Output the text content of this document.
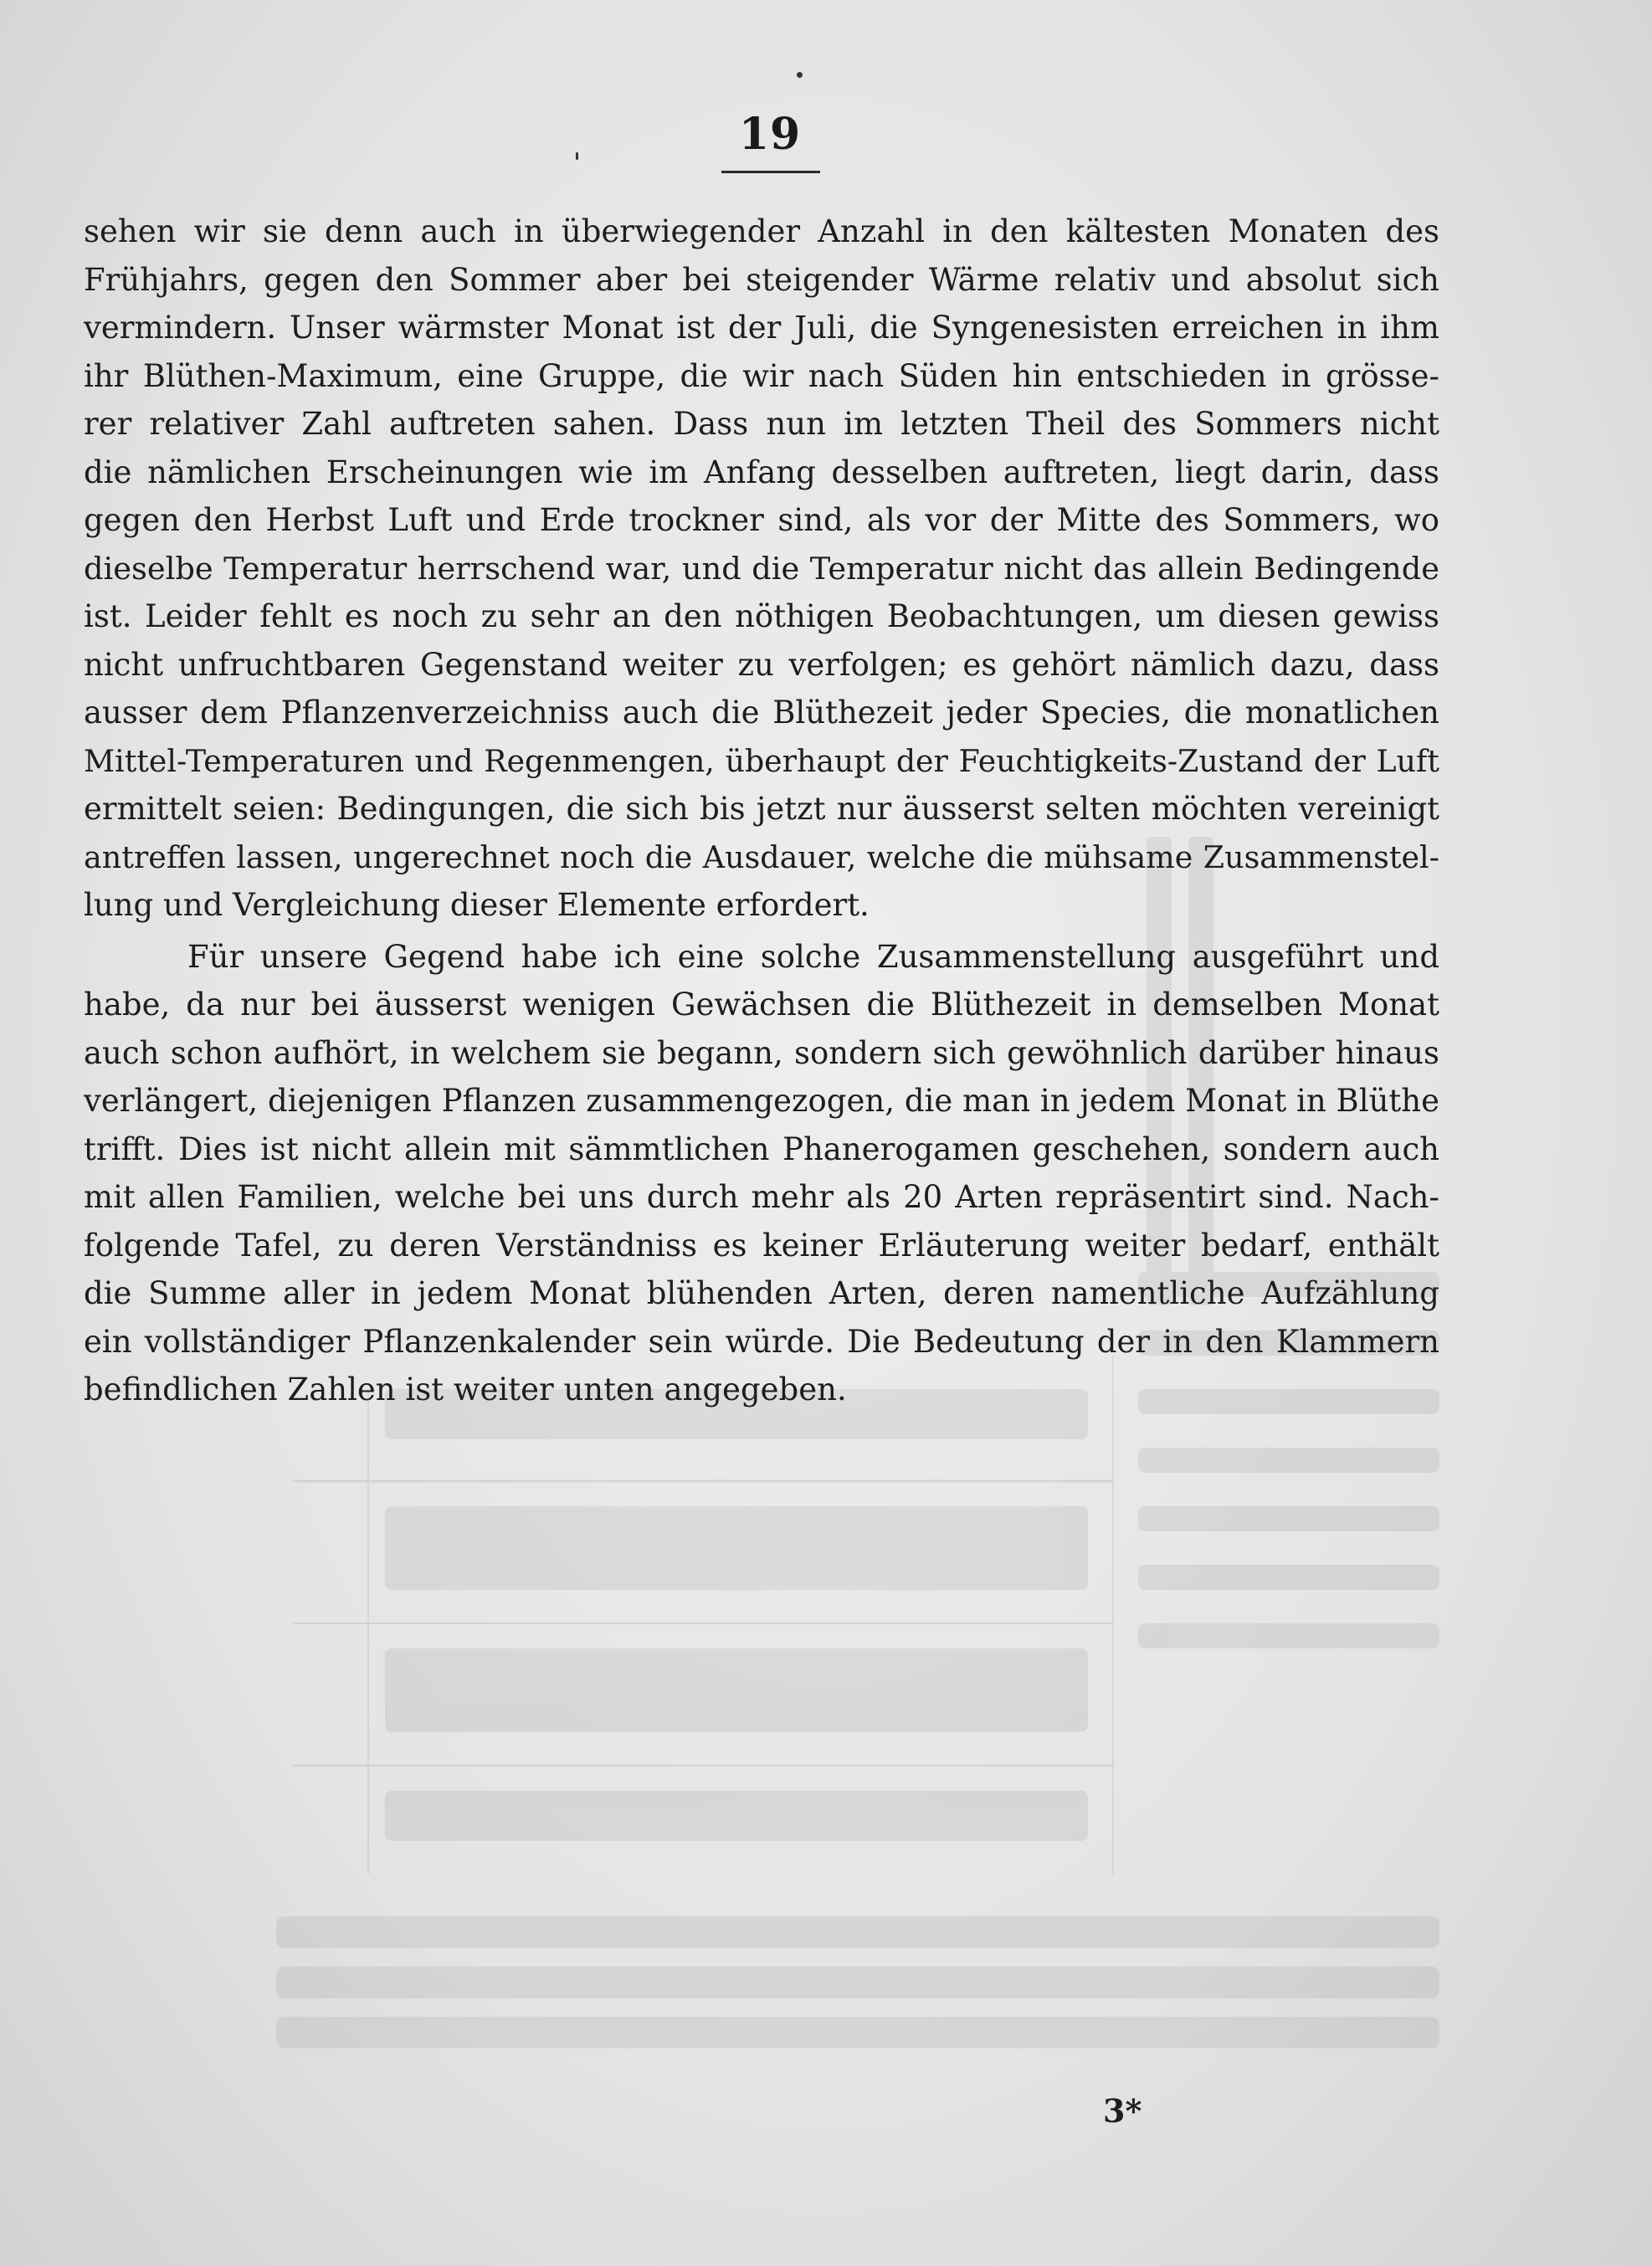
19
sehen wir sie denn auch in überwiegender Anzahl in den kältesten Monaten des
Frühjahrs, gegen den Sommer aber bei steigender Wärme relativ und absolut sich
vermindern. Unser wärmster Monat ist der Juli, die Syngenesisten erreichen in ihm
ihr Blüthen-Maximum, eine Gruppe, die wir nach Süden hin entschieden in grösse-
rer relativer Zahl auftreten sahen. Dass nun im letzten Theil des Sommers nicht
die nämlichen Erscheinungen wie im Anfang desselben auftreten, liegt darin, dass
gegen den Herbst Luft und Erde trockner sind, als vor der Mitte des Sommers, wo
dieselbe Temperatur herrschend war, und die Temperatur nicht das allein Bedingende
ist. Leider fehlt es noch zu sehr an den nöthigen Beobachtungen, um diesen gewiss
nicht unfruchtbaren Gegenstand weiter zu verfolgen; es gehört nämlich dazu, dass
ausser dem Pflanzenverzeichniss auch die Blüthezeit jeder Species, die monatlichen
Mittel-Temperaturen und Regenmengen, überhaupt der Feuchtigkeits-Zustand der Luft
ermittelt seien: Bedingungen, die sich bis jetzt nur äusserst selten möchten vereinigt
antreffen lassen, ungerechnet noch die Ausdauer, welche die mühsame Zusammenstel-
lung und Vergleichung dieser Elemente erfordert.
Für unsere Gegend habe ich eine solche Zusammenstellung ausgeführt und
habe, da nur bei äusserst wenigen Gewächsen die Blüthezeit in demselben Monat
auch schon aufhört, in welchem sie begann, sondern sich gewöhnlich darüber hinaus
verlängert, diejenigen Pflanzen zusammengezogen, die man in jedem Monat in Blüthe
trifft. Dies ist nicht allein mit sämmtlichen Phanerogamen geschehen, sondern auch
mit allen Familien, welche bei uns durch mehr als 20 Arten repräsentirt sind. Nach-
folgende Tafel, zu deren Verständniss es keiner Erläuterung weiter bedarf, enthält
die Summe aller in jedem Monat blühenden Arten, deren namentliche Aufzählung
ein vollständiger Pflanzenkalender sein würde. Die Bedeutung der in den Klammern
befindlichen Zahlen ist weiter unten angegeben.
3*
